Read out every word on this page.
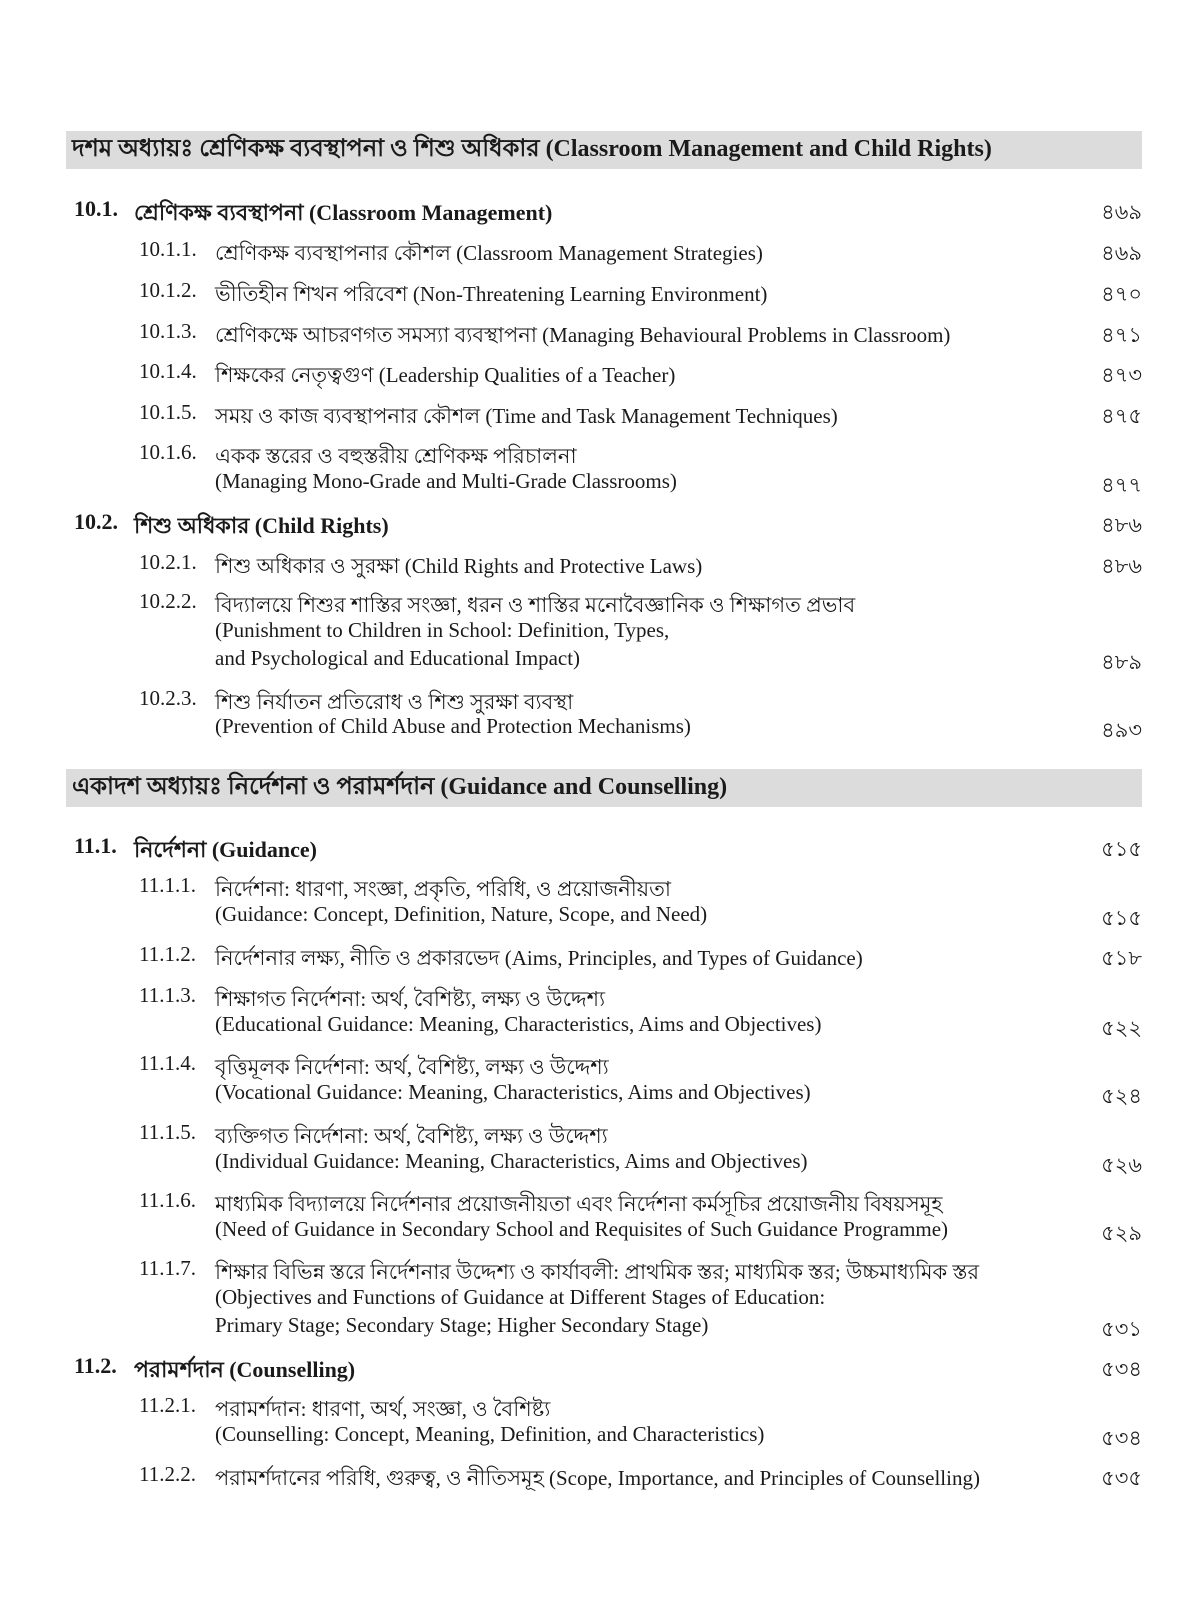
দশম অধ্যায়ঃ শ্রেণিকক্ষ ব্যবস্থাপনা ও শিশু অধিকার (Classroom Management and Child Rights)
10.1. শ্রেণিকক্ষ ব্যবস্থাপনা (Classroom Management)	৪৬৯
10.1.1. শ্রেণিকক্ষ ব্যবস্থাপনার কৌশল (Classroom Management Strategies)	৪৬৯
10.1.2. ভীতিহীন শিখন পরিবেশ (Non-Threatening Learning Environment)	৪৭০
10.1.3. শ্রেণিকক্ষে আচরণগত সমস্যা ব্যবস্থাপনা (Managing Behavioural Problems in Classroom)	৪৭১
10.1.4. শিক্ষকের নেতৃত্বগুণ (Leadership Qualities of a Teacher)	৪৭৩
10.1.5. সময় ও কাজ ব্যবস্থাপনার কৌশল (Time and Task Management Techniques)	৪৭৫
10.1.6. একক স্তরের ও বহুস্তরীয় শ্রেণিকক্ষ পরিচালনা
(Managing Mono-Grade and Multi-Grade Classrooms)	৪৭৭
10.2. শিশু অধিকার (Child Rights)	৪৮৬
10.2.1. শিশু অধিকার ও সুরক্ষা (Child Rights and Protective Laws)	৪৮৬
10.2.2. বিদ্যালয়ে শিশুর শাস্তির সংজ্ঞা, ধরন ও শাস্তির মনোবৈজ্ঞানিক ও শিক্ষাগত প্রভাব
(Punishment to Children in School: Definition, Types,
and Psychological and Educational Impact)	৪৮৯
10.2.3. শিশু নির্যাতন প্রতিরোধ ও শিশু সুরক্ষা ব্যবস্থা
(Prevention of Child Abuse and Protection Mechanisms)	৪৯৩
একাদশ অধ্যায়ঃ নির্দেশনা ও পরামর্শদান (Guidance and Counselling)
11.1. নির্দেশনা (Guidance)	৫১৫
11.1.1. নির্দেশনা: ধারণা, সংজ্ঞা, প্রকৃতি, পরিধি, ও প্রয়োজনীয়তা
(Guidance: Concept, Definition, Nature, Scope, and Need)	৫১৫
11.1.2. নির্দেশনার লক্ষ্য, নীতি ও প্রকারভেদ (Aims, Principles, and Types of Guidance)	৫১৮
11.1.3. শিক্ষাগত নির্দেশনা: অর্থ, বৈশিষ্ট্য, লক্ষ্য ও উদ্দেশ্য
(Educational Guidance: Meaning, Characteristics, Aims and Objectives)	৫২২
11.1.4. বৃত্তিমূলক নির্দেশনা: অর্থ, বৈশিষ্ট্য, লক্ষ্য ও উদ্দেশ্য
(Vocational Guidance: Meaning, Characteristics, Aims and Objectives)	৫২৪
11.1.5. ব্যক্তিগত নির্দেশনা: অর্থ, বৈশিষ্ট্য, লক্ষ্য ও উদ্দেশ্য
(Individual Guidance: Meaning, Characteristics, Aims and Objectives)	৫২৬
11.1.6. মাধ্যমিক বিদ্যালয়ে নির্দেশনার প্রয়োজনীয়তা এবং নির্দেশনা কর্মসূচির প্রয়োজনীয় বিষয়সমূহ
(Need of Guidance in Secondary School and Requisites of Such Guidance Programme)	৫২৯
11.1.7. শিক্ষার বিভিন্ন স্তরে নির্দেশনার উদ্দেশ্য ও কার্যাবলী: প্রাথমিক স্তর; মাধ্যমিক স্তর; উচ্চমাধ্যমিক স্তর
(Objectives and Functions of Guidance at Different Stages of Education:
Primary Stage; Secondary Stage; Higher Secondary Stage)	৫৩১
11.2. পরামর্শদান (Counselling)	৫৩৪
11.2.1. পরামর্শদান: ধারণা, অর্থ, সংজ্ঞা, ও বৈশিষ্ট্য
(Counselling: Concept, Meaning, Definition, and Characteristics)	৫৩৪
11.2.2. পরামর্শদানের পরিধি, গুরুত্ব, ও নীতিসমূহ (Scope, Importance, and Principles of Counselling)	৫৩৫
